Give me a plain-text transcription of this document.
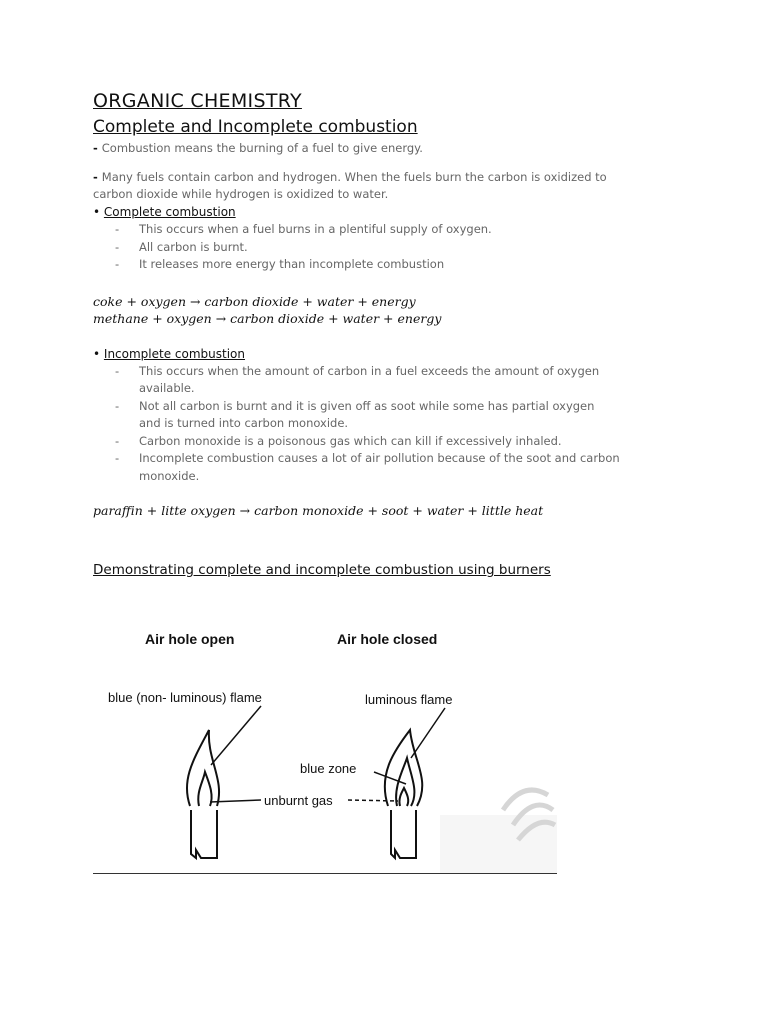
ORGANIC CHEMISTRY
Complete and Incomplete combustion

- Combustion means the burning of a fuel to give energy.

- Many fuels contain carbon and hydrogen. When the fuels burn the carbon is oxidized to
carbon dioxide while hydrogen is oxidized to water.

• Complete combustion
- This occurs when a fuel burns in a plentiful supply of oxygen.
- All carbon is burnt.
- It releases more energy than incomplete combustion

coke + oxygen → carbon dioxide + water + energy

methane + oxygen → carbon dioxide + water + energy

• Incomplete combustion
- This occurs when the amount of carbon in a fuel exceeds the amount of oxygen
available.
- Not all carbon is burnt and it is given off as soot while some has partial oxygen
and is turned into carbon monoxide.
- Carbon monoxide is a poisonous gas which can kill if excessively inhaled.
- Incomplete combustion causes a lot of air pollution because of the soot and carbon
monoxide.

paraffin + litte oxygen → carbon monoxide + soot + water + little heat

Demonstrating complete and incomplete combustion using burners

Air hole open	Air hole closed
blue (non- luminous) flame	luminous flame
blue zone
unburnt gas
